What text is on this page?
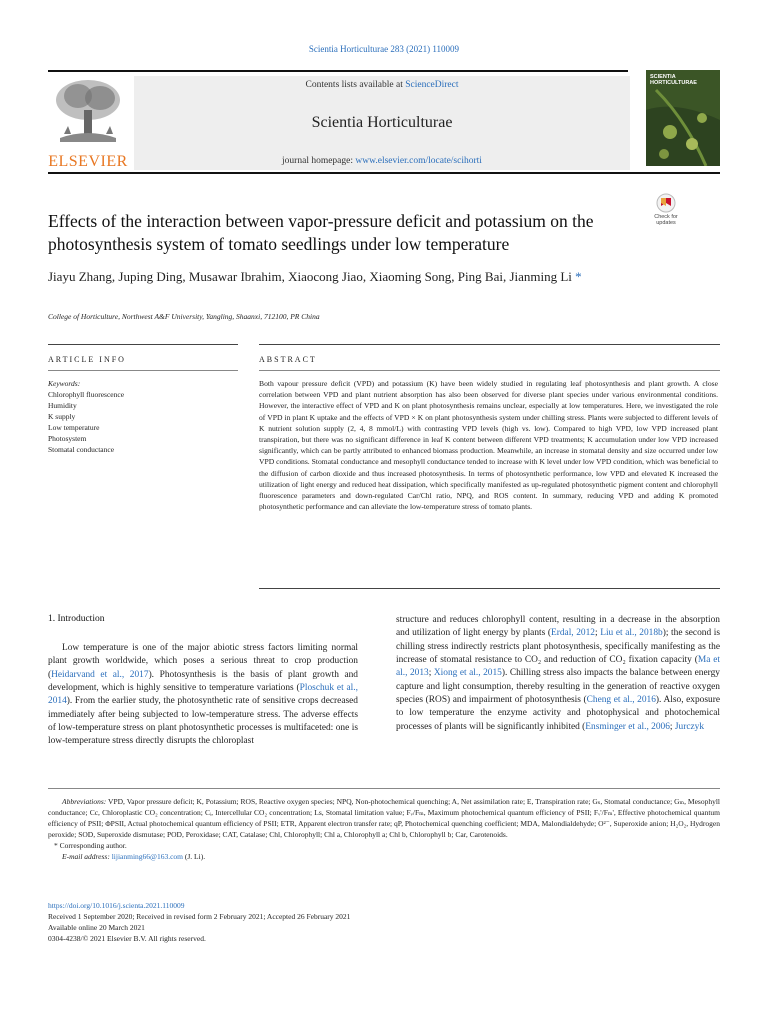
Scientia Horticulturae 283 (2021) 110009
ELSEVIER
Contents lists available at ScienceDirect
Scientia Horticulturae
journal homepage: www.elsevier.com/locate/scihorti
SCIENTIA HORTICULTURAE
Effects of the interaction between vapor-pressure deficit and potassium on the photosynthesis system of tomato seedlings under low temperature
Check for updates
Jiayu Zhang, Juping Ding, Musawar Ibrahim, Xiaocong Jiao, Xiaoming Song, Ping Bai, Jianming Li *
College of Horticulture, Northwest A&F University, Yangling, Shaanxi, 712100, PR China
ARTICLE INFO	ABSTRACT
Keywords:
Chlorophyll fluorescence
Humidity
K supply
Low temperature
Photosystem
Stomatal conductance
Both vapour pressure deficit (VPD) and potassium (K) have been widely studied in regulating leaf photosynthesis and plant growth. A close correlation between VPD and plant nutrient absorption has also been observed for diverse plant species under various environmental conditions. However, the interactive effect of VPD and K on plant photosynthesis remains unclear, especially at low temperatures. Here, we investigated the role of VPD in plant K uptake and the effects of VPD × K on plant photosynthesis system under chilling stress. Plants were subjected to different levels of K nutrient solution supply (2, 4, 8 mmol/L) with contrasting VPD levels (high vs. low). Compared to high VPD, low VPD increased plant transpiration, but there was no significant difference in leaf K content between different VPD treatments; K accumulation under low VPD increased significantly, which can be partly attributed to enhanced biomass production. Meanwhile, an increase in stomatal density and size occurred under low VPD conditions. Stomatal conductance and mesophyll conductance tended to increase with K level under low VPD condition, which was beneficial to the diffusion of carbon dioxide and thus increased photosynthesis. In terms of photosynthetic performance, low VPD and elevated K increased the utilization of light energy and reduced heat dissipation, which specifically manifested as up-regulated photosynthetic pigment content and chlorophyll fluorescence parameters and down-regulated Car/Chl ratio, NPQ, and ROS content. In summary, reducing VPD and adding K promoted photosynthetic performance and can alleviate the low-temperature stress of tomato plants.
1. Introduction
Low temperature is one of the major abiotic stress factors limiting normal plant growth worldwide, which poses a serious threat to crop production (Heidarvand et al., 2017). Photosynthesis is the basis of plant growth and development, which is highly sensitive to temperature variations (Ploschuk et al., 2014). From the earlier study, the photosynthetic rate of sensitive crops decreased immediately after being subjected to low-temperature stress. The adverse effects of low-temperature stress on plant photosynthetic processes is multifaceted: one is low-temperature stress directly disrupts the chloroplast
structure and reduces chlorophyll content, resulting in a decrease in the absorption and utilization of light energy by plants (Erdal, 2012; Liu et al., 2018b); the second is chilling stress indirectly restricts plant photosynthesis, specifically manifesting as the increase of stomatal resistance to CO₂ and reduction of CO₂ fixation capacity (Ma et al., 2013; Xiong et al., 2015). Chilling stress also impacts the balance between energy capture and light consumption, thereby resulting in the generation of reactive oxygen species (ROS) and impairment of photosynthesis (Cheng et al., 2016). Also, exposure to low temperature the enzyme activity and photophysical and photochemical processes of plants will be significantly inhibited (Ensminger et al., 2006; Jurczyk
Abbreviations: VPD, Vapor pressure deficit; K, Potassium; ROS, Reactive oxygen species; NPQ, Non-photochemical quenching; A, Net assimilation rate; E, Transpiration rate; Gₛ, Stomatal conductance; Gₘ, Mesophyll conductance; Cc, Chloroplastic CO₂ concentration; Cᵢ, Intercellular CO₂ concentration; Ls, Stomatal limitation value; Fᵥ/Fₘ, Maximum photochemical quantum efficiency of PSII; Fᵥ'/Fₘ', Effective photochemical quantum efficiency of PSII; ΦPSII, Actual photochemical quantum efficiency of PSII; ETR, Apparent electron transfer rate; qP, Photochemical quenching coefficient; MDA, Malondialdehyde; O²⁻, Superoxide anion; H₂O₂, Hydrogen peroxide; SOD, Superoxide dismutase; POD, Peroxidase; CAT, Catalase; Chl, Chlorophyll; Chl a, Chlorophyll a; Chl b, Chlorophyll b; Car, Carotenoids.
* Corresponding author.
E-mail address: lijianming66@163.com (J. Li).
https://doi.org/10.1016/j.scienta.2021.110009
Received 1 September 2020; Received in revised form 2 February 2021; Accepted 26 February 2021
Available online 20 March 2021
0304-4238/© 2021 Elsevier B.V. All rights reserved.
